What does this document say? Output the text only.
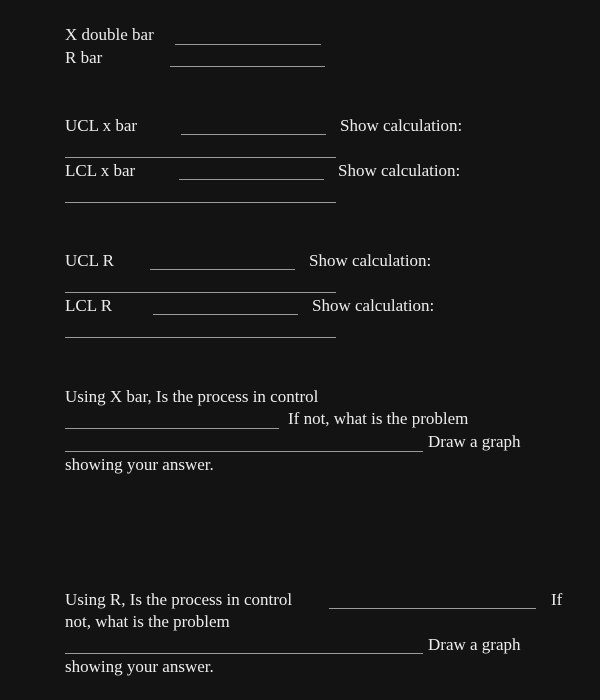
X double bar
R bar
UCL x bar	Show calculation:
LCL x bar	Show calculation:
UCL R	Show calculation:
LCL R	Show calculation:
Using X bar, Is the process in control
If not, what is the problem
Draw a graph
showing your answer.
Using R, Is the process in control	If
not, what is the problem
Draw a graph
showing your answer.
